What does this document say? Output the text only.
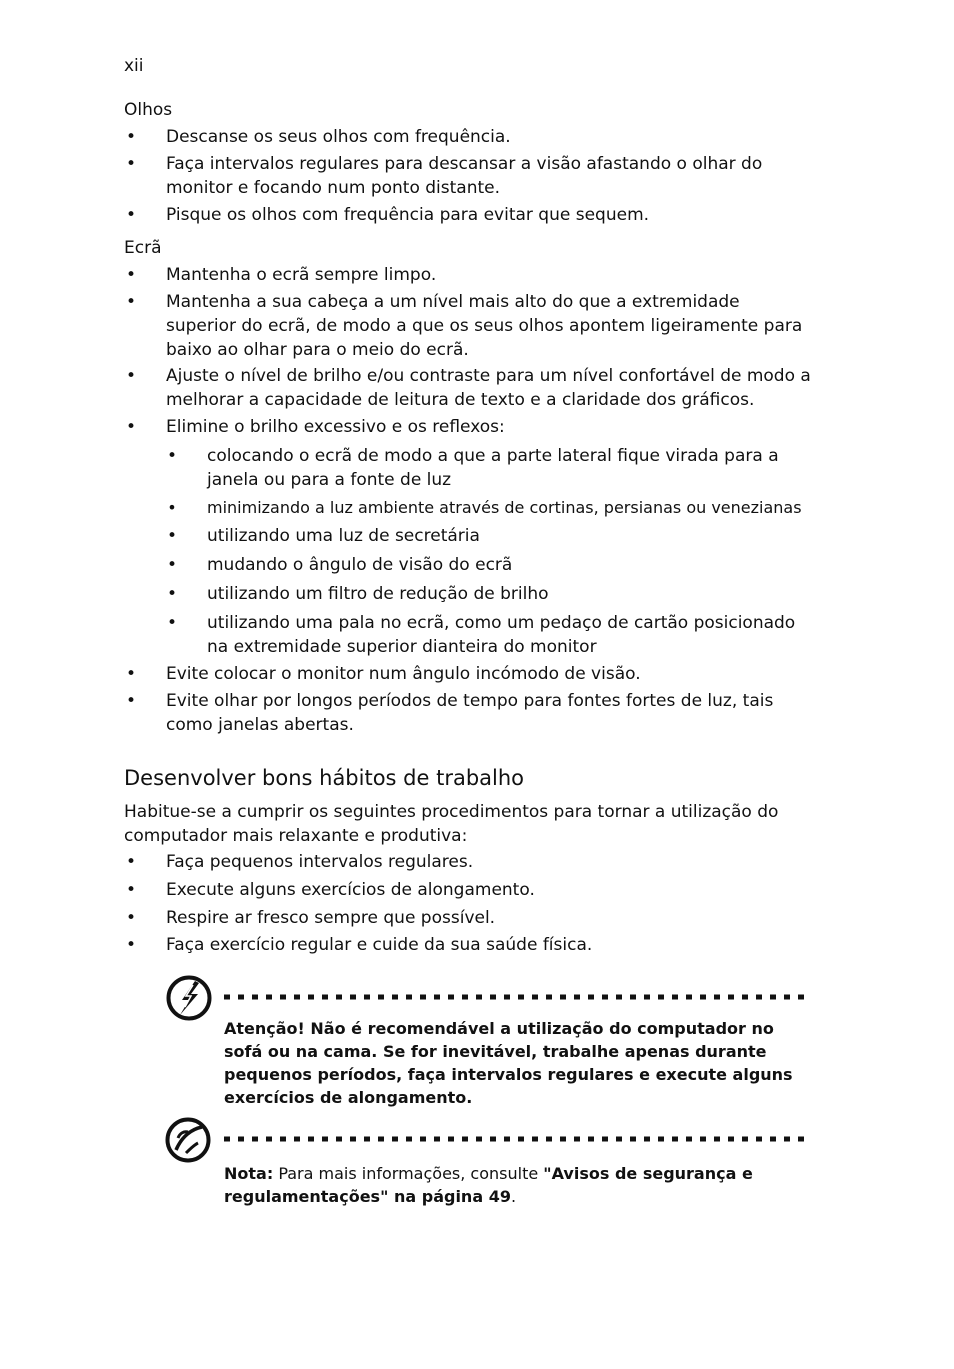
xii
Olhos
• Descanse os seus olhos com frequência.
• Faça intervalos regulares para descansar a visão afastando o olhar do monitor e focando num ponto distante.
• Pisque os olhos com frequência para evitar que sequem.
Ecrã
• Mantenha o ecrã sempre limpo.
• Mantenha a sua cabeça a um nível mais alto do que a extremidade superior do ecrã, de modo a que os seus olhos apontem ligeiramente para baixo ao olhar para o meio do ecrã.
• Ajuste o nível de brilho e/ou contraste para um nível confortável de modo a melhorar a capacidade de leitura de texto e a claridade dos gráficos.
• Elimine o brilho excessivo e os reflexos:
• colocando o ecrã de modo a que a parte lateral fique virada para a janela ou para a fonte de luz
• minimizando a luz ambiente através de cortinas, persianas ou venezianas
• utilizando uma luz de secretária
• mudando o ângulo de visão do ecrã
• utilizando um filtro de redução de brilho
• utilizando uma pala no ecrã, como um pedaço de cartão posicionado na extremidade superior dianteira do monitor
• Evite colocar o monitor num ângulo incómodo de visão.
• Evite olhar por longos períodos de tempo para fontes fortes de luz, tais como janelas abertas.
Desenvolver bons hábitos de trabalho
Habitue-se a cumprir os seguintes procedimentos para tornar a utilização do computador mais relaxante e produtiva:
• Faça pequenos intervalos regulares.
• Execute alguns exercícios de alongamento.
• Respire ar fresco sempre que possível.
• Faça exercício regular e cuide da sua saúde física.
Atenção! Não é recomendável a utilização do computador no sofá ou na cama. Se for inevitável, trabalhe apenas durante pequenos períodos, faça intervalos regulares e execute alguns exercícios de alongamento.
Nota: Para mais informações, consulte "Avisos de segurança e regulamentações" na página 49.
